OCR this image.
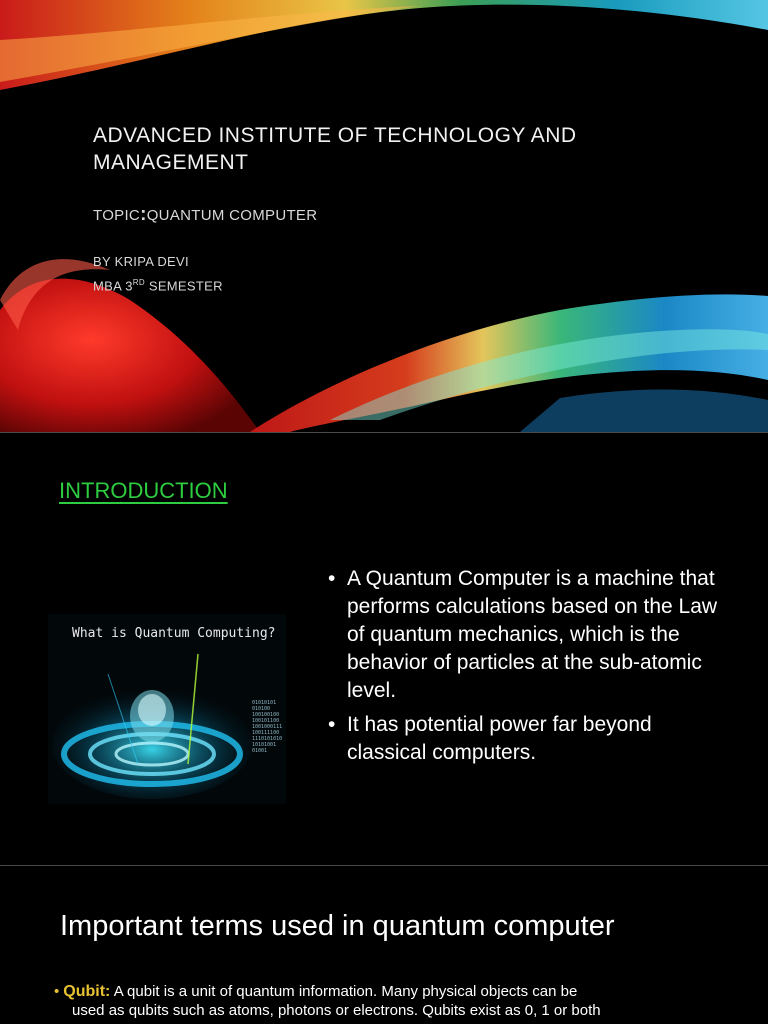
ADVANCED INSTITUTE OF TECHNOLOGY AND MANAGEMENT
TOPIC:QUANTUM COMPUTER
BY KRIPA DEVI
MBA 3RD SEMESTER
INTRODUCTION
What is Quantum Computing?
01010101
010100
100100100
100101100
1001000111
100111100
1110101010
10101001
01001
• A Quantum Computer is a machine that performs calculations based on the Law of quantum mechanics, which is the behavior of particles at the sub-atomic level.
• It has potential power far beyond classical computers.
Important terms used in quantum computer
• Qubit: A qubit is a unit of quantum information. Many physical objects can be
used as qubits such as atoms, photons or electrons. Qubits exist as 0, 1 or both
